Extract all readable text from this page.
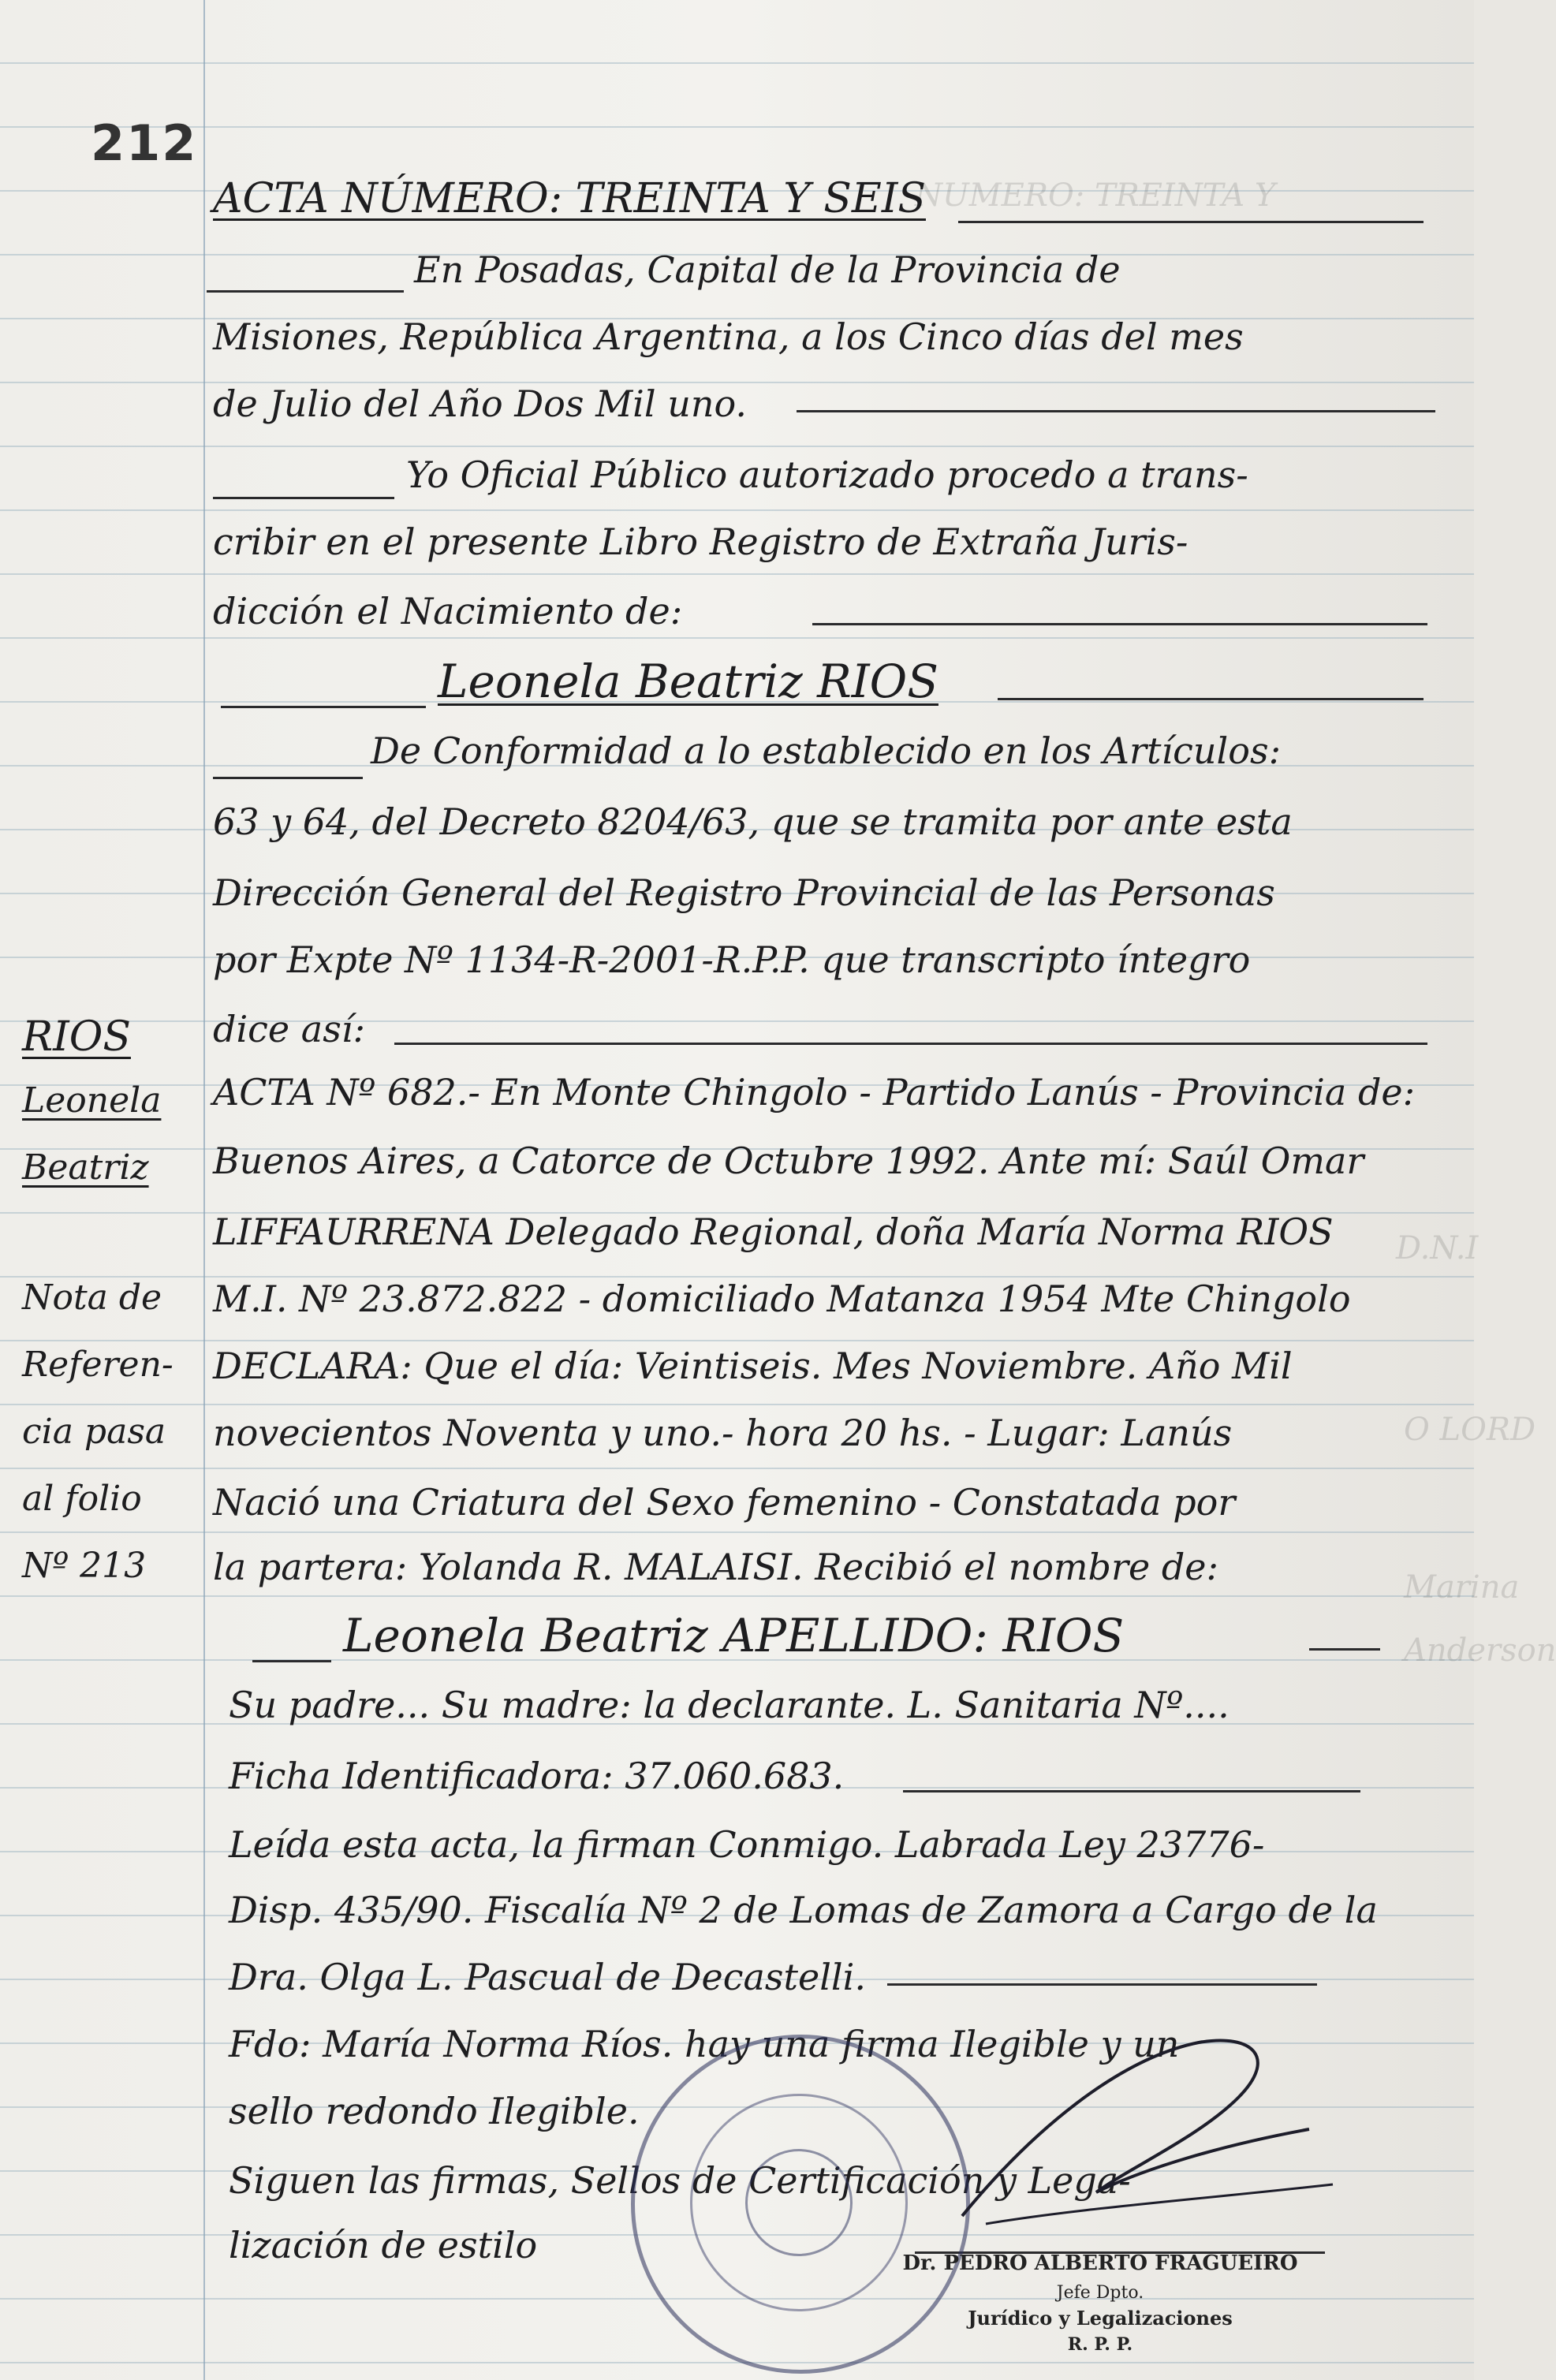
NUMERO: TREINTA Y
D.N.I
O LORD
Marina
Anderson
212
ACTA NÚMERO: TREINTA Y SEIS
En Posadas, Capital de la Provincia de
Misiones, República Argentina, a los Cinco días del mes
de Julio del Año Dos Mil uno.
Yo Oficial Público autorizado procedo a trans-
cribir en el presente Libro Registro de Extraña Juris-
dicción el Nacimiento de:
Leonela Beatriz RIOS
De Conformidad a lo establecido en los Artículos:
63 y 64, del Decreto 8204/63, que se tramita por ante esta
Dirección General del Registro Provincial de las Personas
por Expte Nº 1134-R-2001-R.P.P. que transcripto íntegro
dice así:
ACTA Nº 682.- En Monte Chingolo - Partido Lanús - Provincia de:
Buenos Aires, a Catorce de Octubre 1992. Ante mí: Saúl Omar
LIFFAURRENA Delegado Regional, doña María Norma RIOS
M.I. Nº 23.872.822 - domiciliado Matanza 1954 Mte Chingolo
DECLARA: Que el día: Veintiseis. Mes Noviembre. Año Mil
novecientos Noventa y uno.- hora 20 hs. - Lugar: Lanús
Nació una Criatura del Sexo femenino - Constatada por
la partera: Yolanda R. MALAISI. Recibió el nombre de:
Leonela Beatriz APELLIDO: RIOS
Su padre... Su madre: la declarante. L. Sanitaria Nº....
Ficha Identificadora: 37.060.683.
Leída esta acta, la firman Conmigo. Labrada Ley 23776-
Disp. 435/90. Fiscalía Nº 2 de Lomas de Zamora a Cargo de la
Dra. Olga L. Pascual de Decastelli.
Fdo: María Norma Ríos. hay una firma Ilegible y un
sello redondo Ilegible.
Siguen las firmas, Sellos de Certificación y Lega-
lización de estilo
RIOS
Leonela
Beatriz
Nota de
Referen-
cia pasa
al folio
Nº 213
Dr. PEDRO ALBERTO FRAGUEIRO
Jefe Dpto.
Jurídico y Legalizaciones
R. P. P.
